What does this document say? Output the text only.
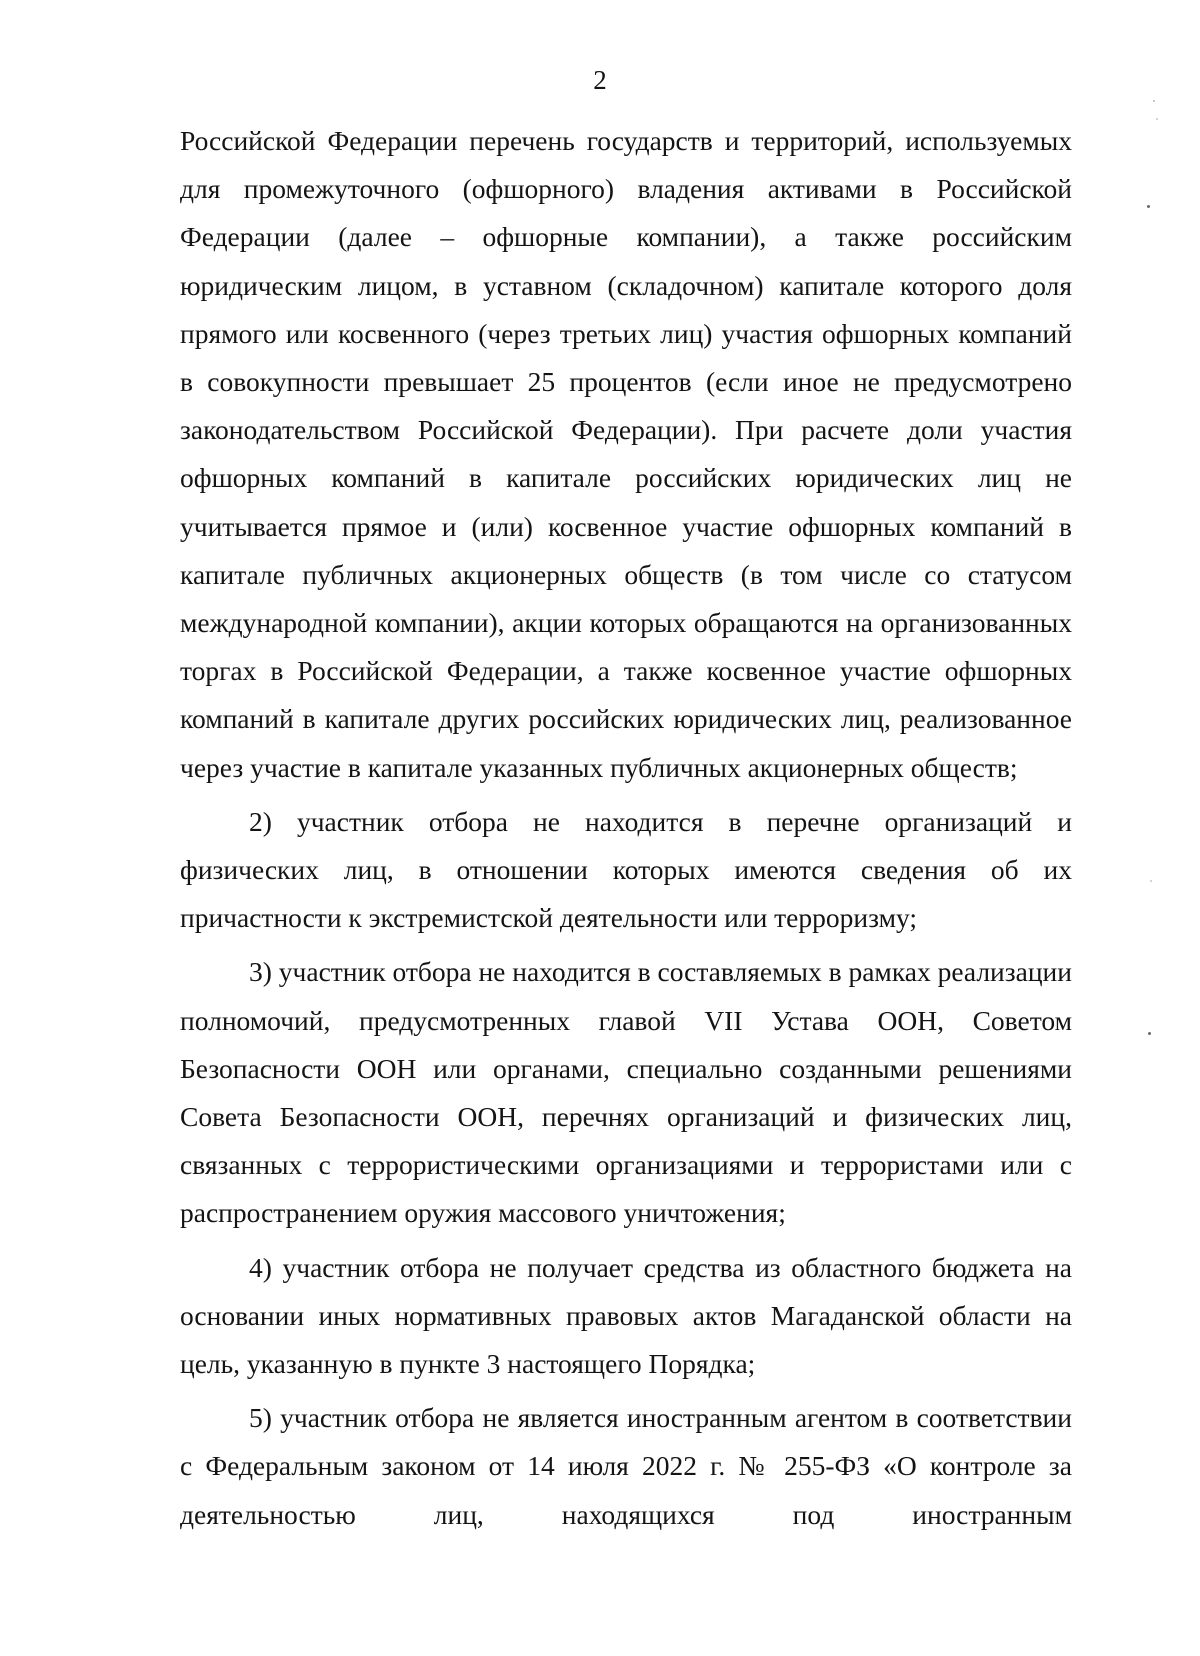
2

Российской Федерации перечень государств и территорий, используемых для промежуточного (офшорного) владения активами в Российской Федерации (далее – офшорные компании), а также российским юридическим лицом, в уставном (складочном) капитале которого доля прямого или косвенного (через третьих лиц) участия офшорных компаний в совокупности превышает 25 процентов (если иное не предусмотрено законодательством Российской Федерации). При расчете доли участия офшорных компаний в капитале российских юридических лиц не учитывается прямое и (или) косвенное участие офшорных компаний в капитале публичных акционерных обществ (в том числе со статусом международной компании), акции которых обращаются на организованных торгах в Российской Федерации, а также косвенное участие офшорных компаний в капитале других российских юридических лиц, реализованное через участие в капитале указанных публичных акционерных обществ;

2) участник отбора не находится в перечне организаций и физических лиц, в отношении которых имеются сведения об их причастности к экстремистской деятельности или терроризму;

3) участник отбора не находится в составляемых в рамках реализации полномочий, предусмотренных главой VII Устава ООН, Советом Безопасности ООН или органами, специально созданными решениями Совета Безопасности ООН, перечнях организаций и физических лиц, связанных с террористическими организациями и террористами или с распространением оружия массового уничтожения;

4) участник отбора не получает средства из областного бюджета на основании иных нормативных правовых актов Магаданской области на цель, указанную в пункте 3 настоящего Порядка;

5) участник отбора не является иностранным агентом в соответствии с Федеральным законом от 14 июля 2022 г. № 255-ФЗ «О контроле за деятельностью лиц, находящихся под иностранным
